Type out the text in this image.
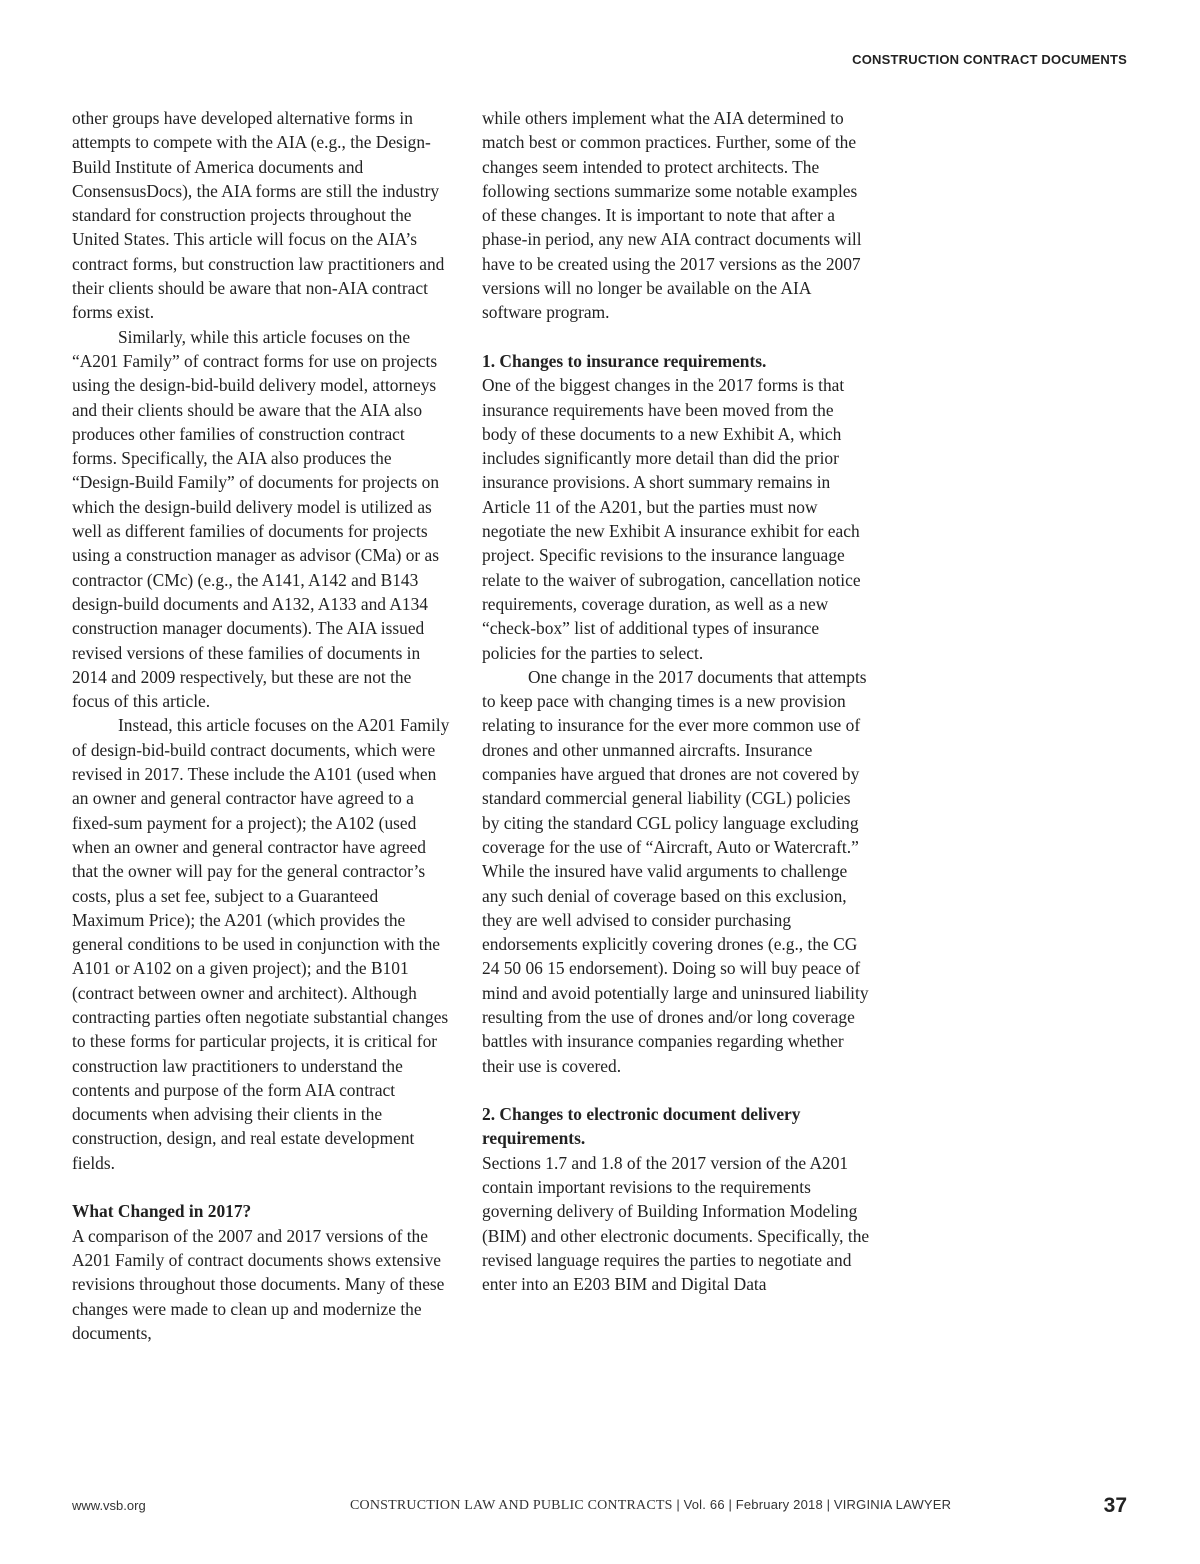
CONSTRUCTION CONTRACT DOCUMENTS

other groups have developed alternative forms in attempts to compete with the AIA (e.g., the Design-Build Institute of America documents and ConsensusDocs), the AIA forms are still the industry standard for construction projects throughout the United States. This article will focus on the AIA’s contract forms, but construction law practitioners and their clients should be aware that non-AIA contract forms exist.

Similarly, while this article focuses on the “A201 Family” of contract forms for use on projects using the design-bid-build delivery model, attorneys and their clients should be aware that the AIA also produces other families of construction contract forms. Specifically, the AIA also produces the “Design-Build Family” of documents for projects on which the design-build delivery model is utilized as well as different families of documents for projects using a construction manager as advisor (CMa) or as contractor (CMc) (e.g., the A141, A142 and B143 design-build documents and A132, A133 and A134 construction manager documents). The AIA issued revised versions of these families of documents in 2014 and 2009 respectively, but these are not the focus of this article.

Instead, this article focuses on the A201 Family of design-bid-build contract documents, which were revised in 2017. These include the A101 (used when an owner and general contractor have agreed to a fixed-sum payment for a project); the A102 (used when an owner and general contractor have agreed that the owner will pay for the general contractor’s costs, plus a set fee, subject to a Guaranteed Maximum Price); the A201 (which provides the general conditions to be used in conjunction with the A101 or A102 on a given project); and the B101 (contract between owner and architect). Although contracting parties often negotiate substantial changes to these forms for particular projects, it is critical for construction law practitioners to understand the contents and purpose of the form AIA contract documents when advising their clients in the construction, design, and real estate development fields.

What Changed in 2017?

A comparison of the 2007 and 2017 versions of the A201 Family of contract documents shows extensive revisions throughout those documents. Many of these changes were made to clean up and modernize the documents,

while others implement what the AIA determined to match best or common practices. Further, some of the changes seem intended to protect architects. The following sections summarize some notable examples of these changes. It is important to note that after a phase-in period, any new AIA contract documents will have to be created using the 2017 versions as the 2007 versions will no longer be available on the AIA software program.

1. Changes to insurance requirements.

One of the biggest changes in the 2017 forms is that insurance requirements have been moved from the body of these documents to a new Exhibit A, which includes significantly more detail than did the prior insurance provisions. A short summary remains in Article 11 of the A201, but the parties must now negotiate the new Exhibit A insurance exhibit for each project. Specific revisions to the insurance language relate to the waiver of subrogation, cancellation notice requirements, coverage duration, as well as a new “check-box” list of additional types of insurance policies for the parties to select.

One change in the 2017 documents that attempts to keep pace with changing times is a new provision relating to insurance for the ever more common use of drones and other unmanned aircrafts. Insurance companies have argued that drones are not covered by standard commercial general liability (CGL) policies by citing the standard CGL policy language excluding coverage for the use of “Aircraft, Auto or Watercraft.” While the insured have valid arguments to challenge any such denial of coverage based on this exclusion, they are well advised to consider purchasing endorsements explicitly covering drones (e.g., the CG 24 50 06 15 endorsement). Doing so will buy peace of mind and avoid potentially large and uninsured liability resulting from the use of drones and/or long coverage battles with insurance companies regarding whether their use is covered.

2. Changes to electronic document delivery requirements.

Sections 1.7 and 1.8 of the 2017 version of the A201 contain important revisions to the requirements governing delivery of Building Information Modeling (BIM) and other electronic documents. Specifically, the revised language requires the parties to negotiate and enter into an E203 BIM and Digital Data

www.vsb.org	CONSTRUCTION LAW AND PUBLIC CONTRACTS | Vol. 66 | February 2018 | VIRGINIA LAWYER	37
